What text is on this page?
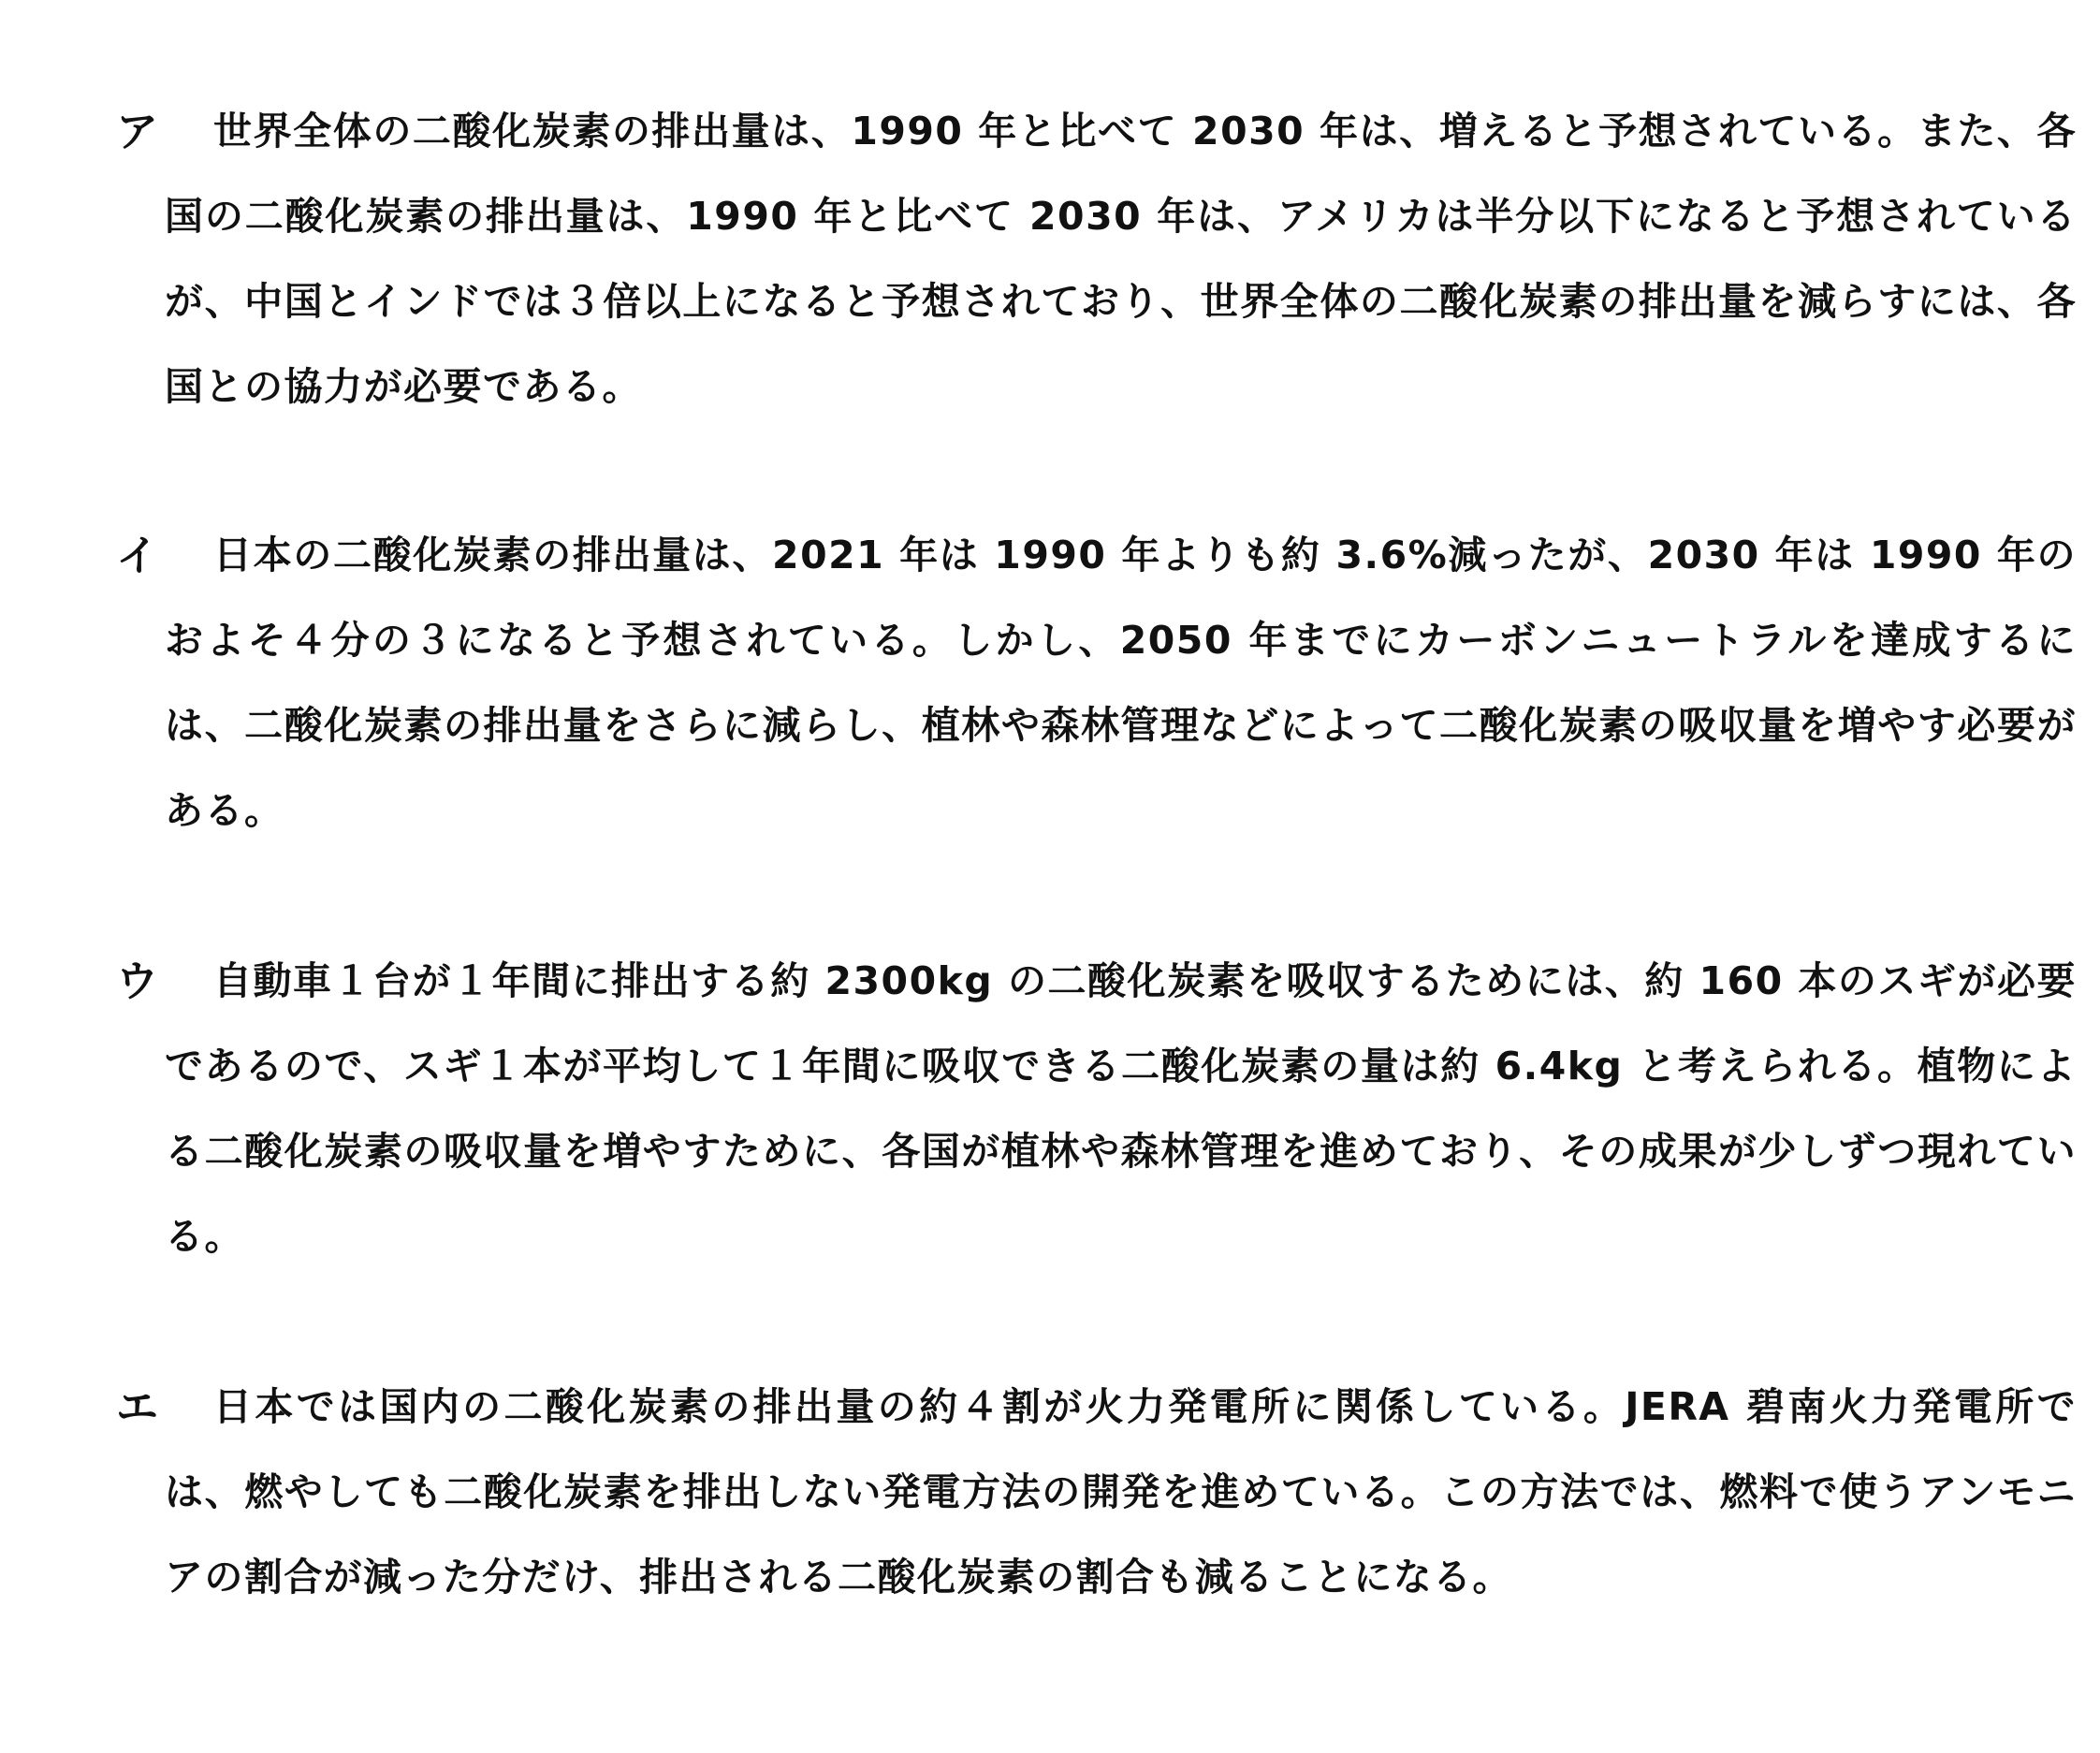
ア	世界全体の二酸化炭素の排出量は、1990 年と比べて 2030 年は、増えると予想されている。また、各国の二酸化炭素の排出量は、1990 年と比べて 2030 年は、アメリカは半分以下になると予想されているが、中国とインドでは３倍以上になると予想されており、世界全体の二酸化炭素の排出量を減らすには、各国との協力が必要である。

イ	日本の二酸化炭素の排出量は、2021 年は 1990 年よりも約 3.6%減ったが、2030 年は 1990 年のおよそ４分の３になると予想されている。しかし、2050 年までにカーボンニュートラルを達成するには、二酸化炭素の排出量をさらに減らし、植林や森林管理などによって二酸化炭素の吸収量を増やす必要がある。

ウ	自動車１台が１年間に排出する約 2300kg の二酸化炭素を吸収するためには、約 160 本のスギが必要であるので、スギ１本が平均して１年間に吸収できる二酸化炭素の量は約 6.4kg と考えられる。植物による二酸化炭素の吸収量を増やすために、各国が植林や森林管理を進めており、その成果が少しずつ現れている。

エ	日本では国内の二酸化炭素の排出量の約４割が火力発電所に関係している。JERA 碧南火力発電所では、燃やしても二酸化炭素を排出しない発電方法の開発を進めている。この方法では、燃料で使うアンモニアの割合が減った分だけ、排出される二酸化炭素の割合も減ることになる。
